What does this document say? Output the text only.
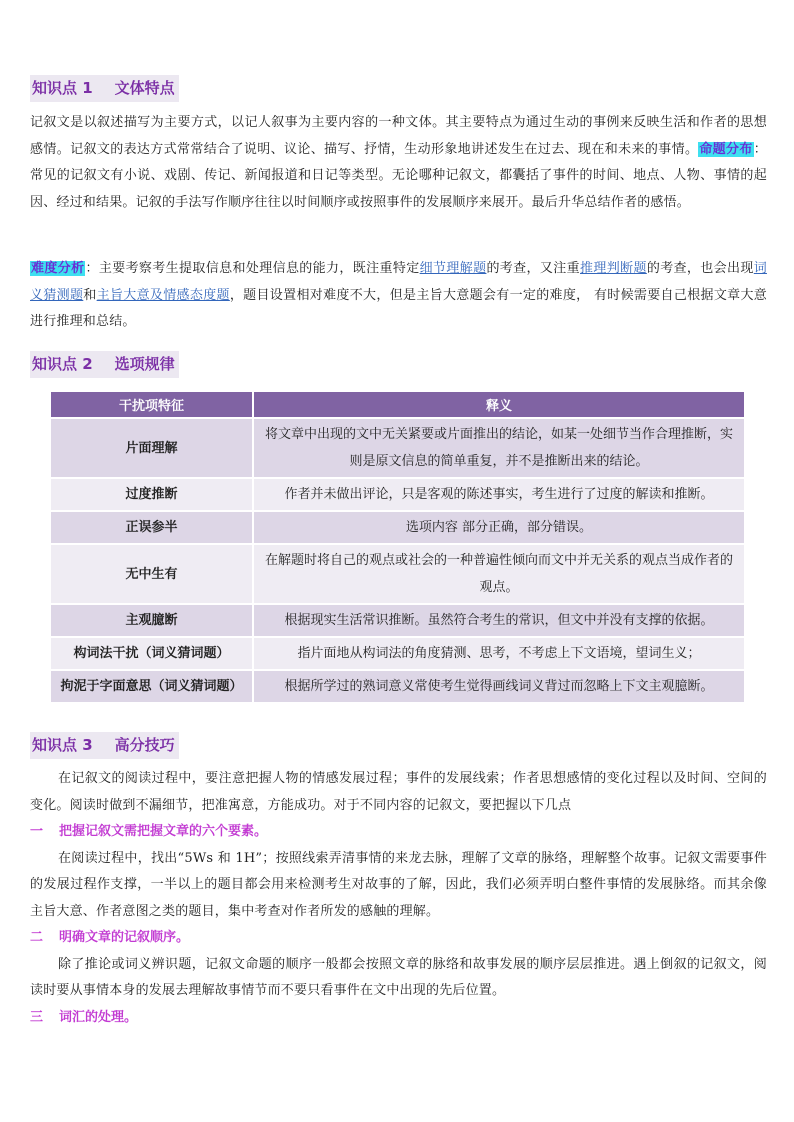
知识点 1 文体特点
记叙文是以叙述描写为主要方式，以记人叙事为主要内容的一种文体。其主要特点为通过生动的事例来反映生活和作者的思想感情。记叙文的表达方式常常结合了说明、议论、描写、抒情，生动形象地讲述发生在过去、现在和未来的事情。命题分布：常见的记叙文有小说、戏剧、传记、新闻报道和日记等类型。无论哪种记叙文，都囊括了事件的时间、地点、人物、事情的起因、经过和结果。记叙的手法写作顺序往往以时间顺序或按照事件的发展顺序来展开。最后升华总结作者的感悟。
难度分析：主要考察考生提取信息和处理信息的能力，既注重特定细节理解题的考查，又注重推理判断题的考查，也会出现词义猜测题和主旨大意及情感态度题，题目设置相对难度不大，但是主旨大意题会有一定的难度， 有时候需要自己根据文章大意进行推理和总结。
知识点 2 选项规律
干扰项特征	释义
片面理解	将文章中出现的文中无关紧要或片面推出的结论，如某一处细节当作合理推断，实则是原文信息的简单重复，并不是推断出来的结论。
过度推断	作者并未做出评论，只是客观的陈述事实，考生进行了过度的解读和推断。
正误参半	选项内容 部分正确，部分错误。
无中生有	在解题时将自己的观点或社会的一种普遍性倾向而文中并无关系的观点当成作者的观点。
主观臆断	根据现实生活常识推断。虽然符合考生的常识，但文中并没有支撑的依据。
构词法干扰（词义猜词题）	指片面地从构词法的角度猜测、思考，不考虑上下文语境，望词生义；
拘泥于字面意思（词义猜词题）	根据所学过的熟词意义常使考生觉得画线词义背过而忽略上下文主观臆断。
知识点 3 高分技巧
在记叙文的阅读过程中，要注意把握人物的情感发展过程；事件的发展线索；作者思想感情的变化过程以及时间、空间的变化。阅读时做到不漏细节，把准寓意，方能成功。对于不同内容的记叙文，要把握以下几点
一 把握记叙文需把握文章的六个要素。
在阅读过程中，找出“5Ws 和 1H”；按照线索弄清事情的来龙去脉，理解了文章的脉络，理解整个故事。记叙文需要事件的发展过程作支撑，一半以上的题目都会用来检测考生对故事的了解，因此，我们必须弄明白整件事情的发展脉络。而其余像主旨大意、作者意图之类的题目，集中考查对作者所发的感触的理解。
二 明确文章的记叙顺序。
除了推论或词义辨识题，记叙文命题的顺序一般都会按照文章的脉络和故事发展的顺序层层推进。遇上倒叙的记叙文，阅读时要从事情本身的发展去理解故事情节而不要只看事件在文中出现的先后位置。
三 词汇的处理。
